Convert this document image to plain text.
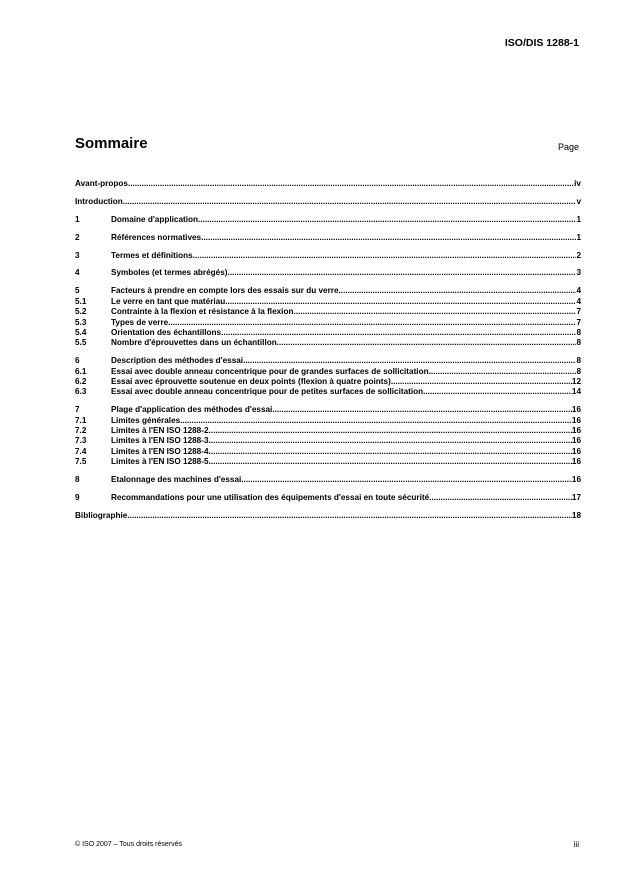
ISO/DIS 1288-1
Sommaire	Page
Avant-propos .....	iv
Introduction .....	v
1	Domaine d'application .....	1
2	Références normatives .....	1
3	Termes et définitions .....	2
4	Symboles (et termes abrégés) .....	3
5	Facteurs à prendre en compte lors des essais sur du verre .....	4
5.1	Le verre en tant que matériau .....	4
5.2	Contrainte à la flexion et résistance à la flexion .....	7
5.3	Types de verre .....	7
5.4	Orientation des échantillons .....	8
5.5	Nombre d'éprouvettes dans un échantillon .....	8
6	Description des méthodes d'essai .....	8
6.1	Essai avec double anneau concentrique pour de grandes surfaces de sollicitation .....	8
6.2	Essai avec éprouvette soutenue en deux points (flexion à quatre points) .....	12
6.3	Essai avec double anneau concentrique pour de petites surfaces de sollicitation .....	14
7	Plage d'application des méthodes d'essai .....	16
7.1	Limites générales .....	16
7.2	Limites à l'EN ISO 1288-2 .....	16
7.3	Limites à l'EN ISO 1288-3 .....	16
7.4	Limites à l'EN ISO 1288-4 .....	16
7.5	Limites à l'EN ISO 1288-5 .....	16
8	Etalonnage des machines d'essai .....	16
9	Recommandations pour une utilisation des équipements d'essai en toute sécurité .....	17
Bibliographie .....	18
© ISO 2007 – Tous droits réservés	iii
